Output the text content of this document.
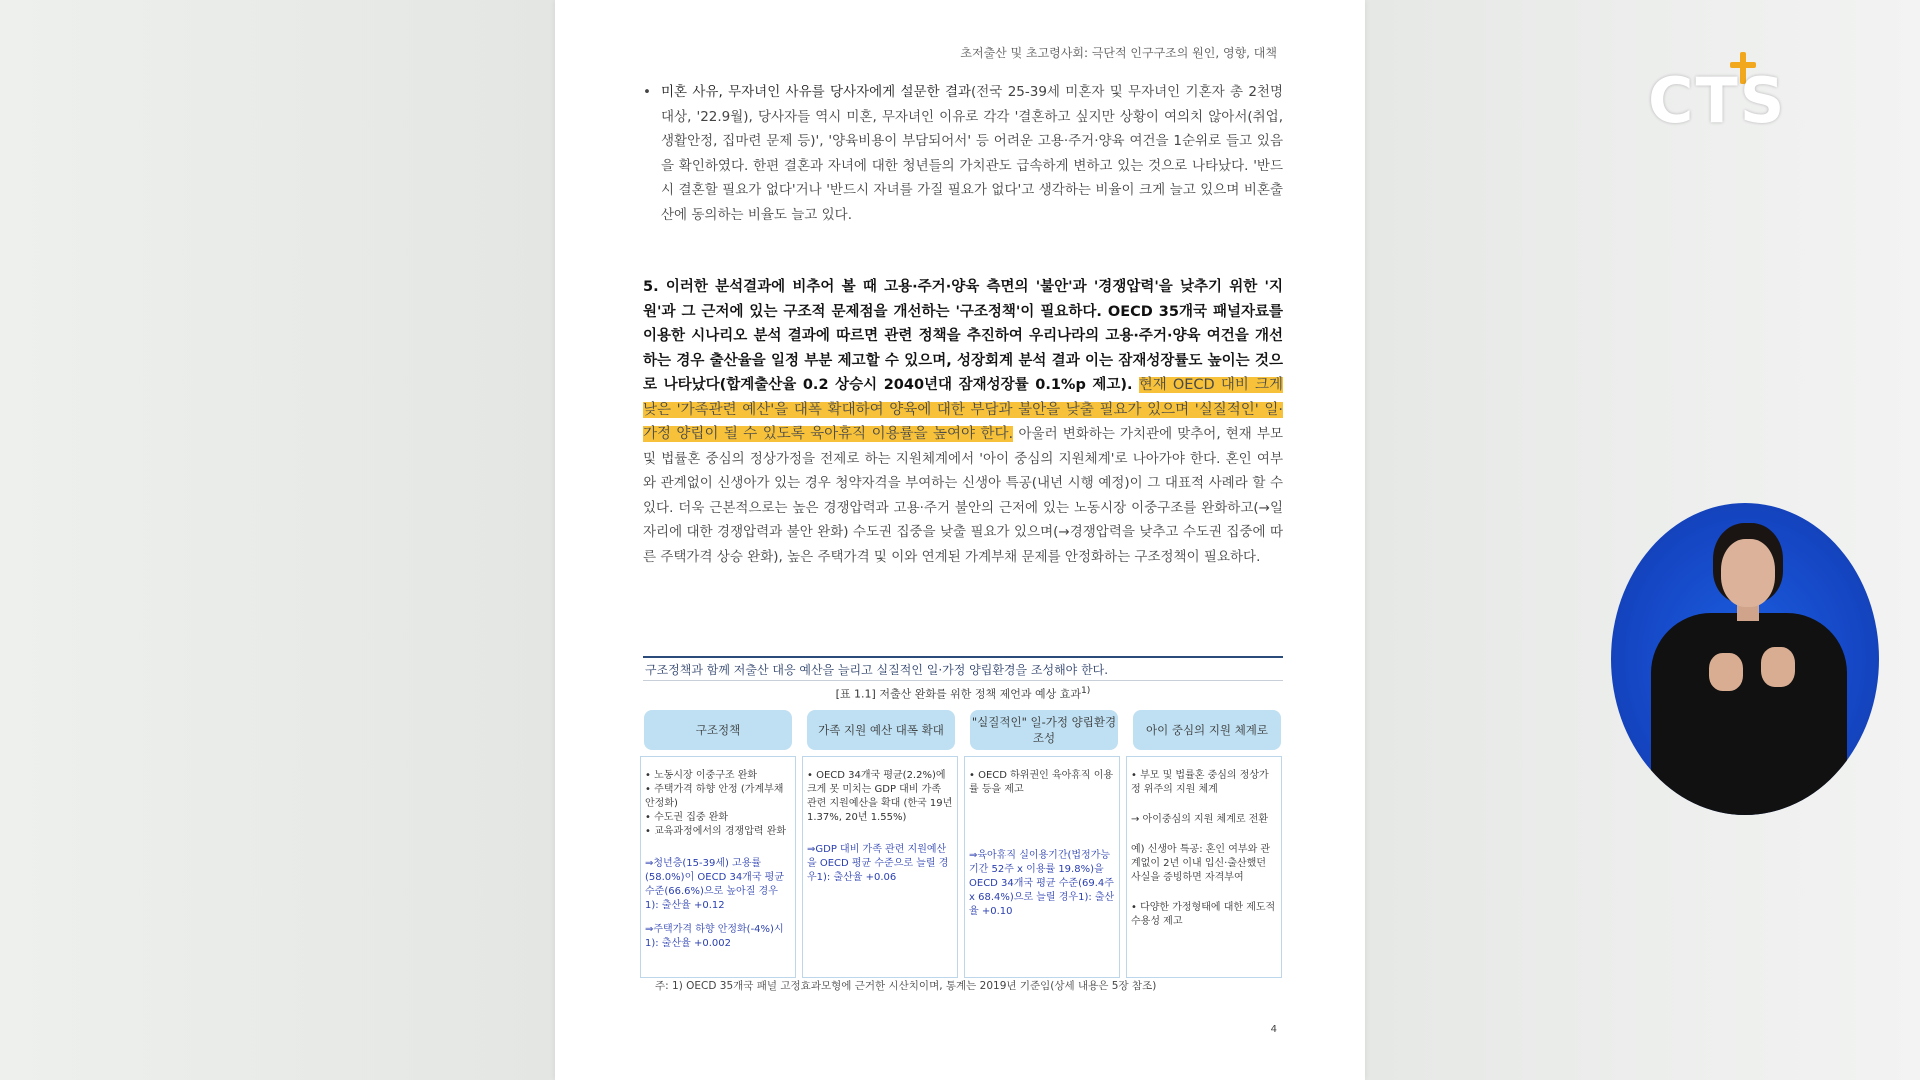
초저출산 및 초고령사회: 극단적 인구구조의 원인, 영향, 대책
• 미혼 사유, 무자녀인 사유를 당사자에게 설문한 결과(전국 25-39세 미혼자 및 무자녀인 기혼자 총 2천명 대상, '22.9월), 당사자들 역시 미혼, 무자녀인 이유로 각각 '결혼하고 싶지만 상황이 여의치 않아서(취업, 생활안정, 집마련 문제 등)', '양육비용이 부담되어서' 등 어려운 고용·주거·양육 여건을 1순위로 들고 있음을 확인하였다. 한편 결혼과 자녀에 대한 청년들의 가치관도 급속하게 변하고 있는 것으로 나타났다. '반드시 결혼할 필요가 없다'거나 '반드시 자녀를 가질 필요가 없다'고 생각하는 비율이 크게 늘고 있으며 비혼출산에 동의하는 비율도 늘고 있다.
5. 이러한 분석결과에 비추어 볼 때 고용·주거·양육 측면의 '불안'과 '경쟁압력'을 낮추기 위한 '지원'과 그 근저에 있는 구조적 문제점을 개선하는 '구조정책'이 필요하다. OECD 35개국 패널자료를 이용한 시나리오 분석 결과에 따르면 관련 정책을 추진하여 우리나라의 고용·주거·양육 여건을 개선하는 경우 출산율을 일정 부분 제고할 수 있으며, 성장회계 분석 결과 이는 잠재성장률도 높이는 것으로 나타났다(합계출산율 0.2 상승시 2040년대 잠재성장률 0.1%p 제고). 현재 OECD 대비 크게 낮은 '가족관련 예산'을 대폭 확대하여 양육에 대한 부담과 불안을 낮출 필요가 있으며 '실질적인' 일·가정 양립이 될 수 있도록 육아휴직 이용률을 높여야 한다. 아울러 변화하는 가치관에 맞추어, 현재 부모 및 법률혼 중심의 정상가정을 전제로 하는 지원체계에서 '아이 중심의 지원체계'로 나아가야 한다. 혼인 여부와 관계없이 신생아가 있는 경우 청약자격을 부여하는 신생아 특공(내년 시행 예정)이 그 대표적 사례라 할 수 있다. 더욱 근본적으로는 높은 경쟁압력과 고용·주거 불안의 근저에 있는 노동시장 이중구조를 완화하고(→일자리에 대한 경쟁압력과 불안 완화) 수도권 집중을 낮출 필요가 있으며(→경쟁압력을 낮추고 수도권 집중에 따른 주택가격 상승 완화), 높은 주택가격 및 이와 연계된 가계부채 문제를 안정화하는 구조정책이 필요하다.
구조정책과 함께 저출산 대응 예산을 늘리고 실질적인 일·가정 양립환경을 조성해야 한다.
[표 1.1] 저출산 완화를 위한 정책 제언과 예상 효과$^{1)}$
구조정책	가족 지원 예산 대폭 확대
"실질적인" 일-가정 양립환경 조성
아이 중심의 지원 체계로
• 노동시장 이중구조 완화
• 주택가격 하향 안정 (가계부채 안정화)
• 수도권 집중 완화
• 교육과정에서의 경쟁압력 완화
⇒청년층(15-39세) 고용률(58.0%)이 OECD 34개국 평균 수준(66.6%)으로 높아질 경우1): 출산율 +0.12
⇒주택가격 하향 안정화(-4%)시1): 출산율 +0.002
• OECD 34개국 평균(2.2%)에 크게 못 미치는 GDP 대비 가족 관련 지원예산을 확대 (한국 19년 1.37%, 20년 1.55%)
⇒GDP 대비 가족 관련 지원예산을 OECD 평균 수준으로 늘릴 경우1): 출산율 +0.06
• OECD 하위권인 육아휴직 이용률 등을 제고
⇒육아휴직 실이용기간(법정가능기간 52주 x 이용률 19.8%)을 OECD 34개국 평균 수준(69.4주 x 68.4%)으로 늘릴 경우1): 출산율 +0.10
• 부모 및 법률혼 중심의 정상가정 위주의 지원 체계
→ 아이중심의 지원 체계로 전환
예) 신생아 특공: 혼인 여부와 관계없이 2년 이내 입신·출산했던 사실을 증빙하면 자격부여
• 다양한 가정형태에 대한 제도적 수용성 제고
주: 1) OECD 35개국 패널 고정효과모형에 근거한 시산치이며, 통계는 2019년 기준임(상세 내용은 5장 참조)
4
CTS
